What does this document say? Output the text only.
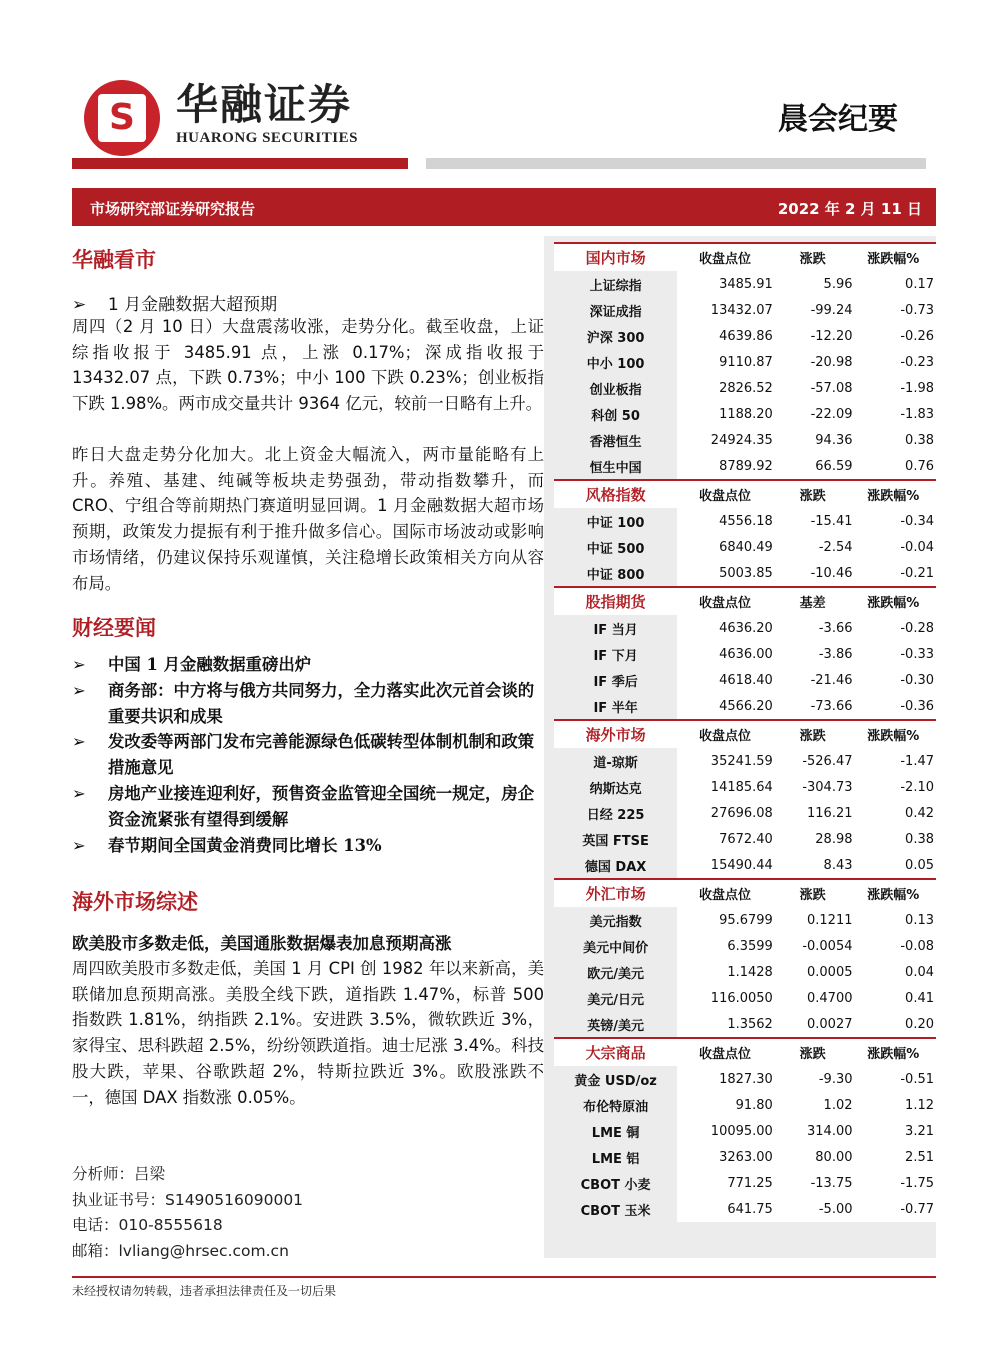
S 华融证券
HUARONG SECURITIES
晨会纪要
市场研究部证券研究报告	2022 年 2 月 11 日
华融看市
➢ 1 月金融数据大超预期
周四（2 月 10 日）大盘震荡收涨，走势分化。截至收盘，上证综指收报于 3485.91 点，上涨 0.17%；深成指收报于 13432.07 点，下跌 0.73%；中小 100 下跌 0.23%；创业板指下跌 1.98%。两市成交量共计 9364 亿元，较前一日略有上升。
昨日大盘走势分化加大。北上资金大幅流入，两市量能略有上升。养殖、基建、纯碱等板块走势强劲，带动指数攀升，而 CRO、宁组合等前期热门赛道明显回调。1 月金融数据大超市场预期，政策发力提振有利于推升做多信心。国际市场波动或影响市场情绪，仍建议保持乐观谨慎，关注稳增长政策相关方向从容布局。
财经要闻
➢ 中国 1 月金融数据重磅出炉
➢ 商务部：中方将与俄方共同努力，全力落实此次元首会谈的重要共识和成果
➢ 发改委等两部门发布完善能源绿色低碳转型体制机制和政策措施意见
➢ 房地产业接连迎利好，预售资金监管迎全国统一规定，房企资金流紧张有望得到缓解
➢ 春节期间全国黄金消费同比增长 13%
海外市场综述
欧美股市多数走低，美国通胀数据爆表加息预期高涨
周四欧美股市多数走低，美国 1 月 CPI 创 1982 年以来新高，美联储加息预期高涨。美股全线下跌，道指跌 1.47%，标普 500 指数跌 1.81%，纳指跌 2.1%。安进跌 3.5%，微软跌近 3%，家得宝、思科跌超 2.5%，纷纷领跌道指。迪士尼涨 3.4%。科技股大跌，苹果、谷歌跌超 2%，特斯拉跌近 3%。欧股涨跌不一，德国 DAX 指数涨 0.05%。
分析师：吕梁
执业证书号：S1490516090001
电话：010-8555618
邮箱：lvliang@hrsec.com.cn
国内市场	收盘点位	涨跌	涨跌幅%
上证综指	3485.91	5.96	0.17
深证成指	13432.07	-99.24	-0.73
沪深 300	4639.86	-12.20	-0.26
中小 100	9110.87	-20.98	-0.23
创业板指	2826.52	-57.08	-1.98
科创 50	1188.20	-22.09	-1.83
香港恒生	24924.35	94.36	0.38
恒生中国	8789.92	66.59	0.76
风格指数	收盘点位	涨跌	涨跌幅%
中证 100	4556.18	-15.41	-0.34
中证 500	6840.49	-2.54	-0.04
中证 800	5003.85	-10.46	-0.21
股指期货	收盘点位	基差	涨跌幅%
IF 当月	4636.20	-3.66	-0.28
IF 下月	4636.00	-3.86	-0.33
IF 季后	4618.40	-21.46	-0.30
IF 半年	4566.20	-73.66	-0.36
海外市场	收盘点位	涨跌	涨跌幅%
道-琼斯	35241.59	-526.47	-1.47
纳斯达克	14185.64	-304.73	-2.10
日经 225	27696.08	116.21	0.42
英国 FTSE	7672.40	28.98	0.38
德国 DAX	15490.44	8.43	0.05
外汇市场	收盘点位	涨跌	涨跌幅%
美元指数	95.6799	0.1211	0.13
美元中间价	6.3599	-0.0054	-0.08
欧元/美元	1.1428	0.0005	0.04
美元/日元	116.0050	0.4700	0.41
英镑/美元	1.3562	0.0027	0.20
大宗商品	收盘点位	涨跌	涨跌幅%
黄金 USD/oz	1827.30	-9.30	-0.51
布伦特原油	91.80	1.02	1.12
LME 铜	10095.00	314.00	3.21
LME 铝	3263.00	80.00	2.51
CBOT 小麦	771.25	-13.75	-1.75
CBOT 玉米	641.75	-5.00	-0.77
未经授权请勿转载，违者承担法律责任及一切后果
